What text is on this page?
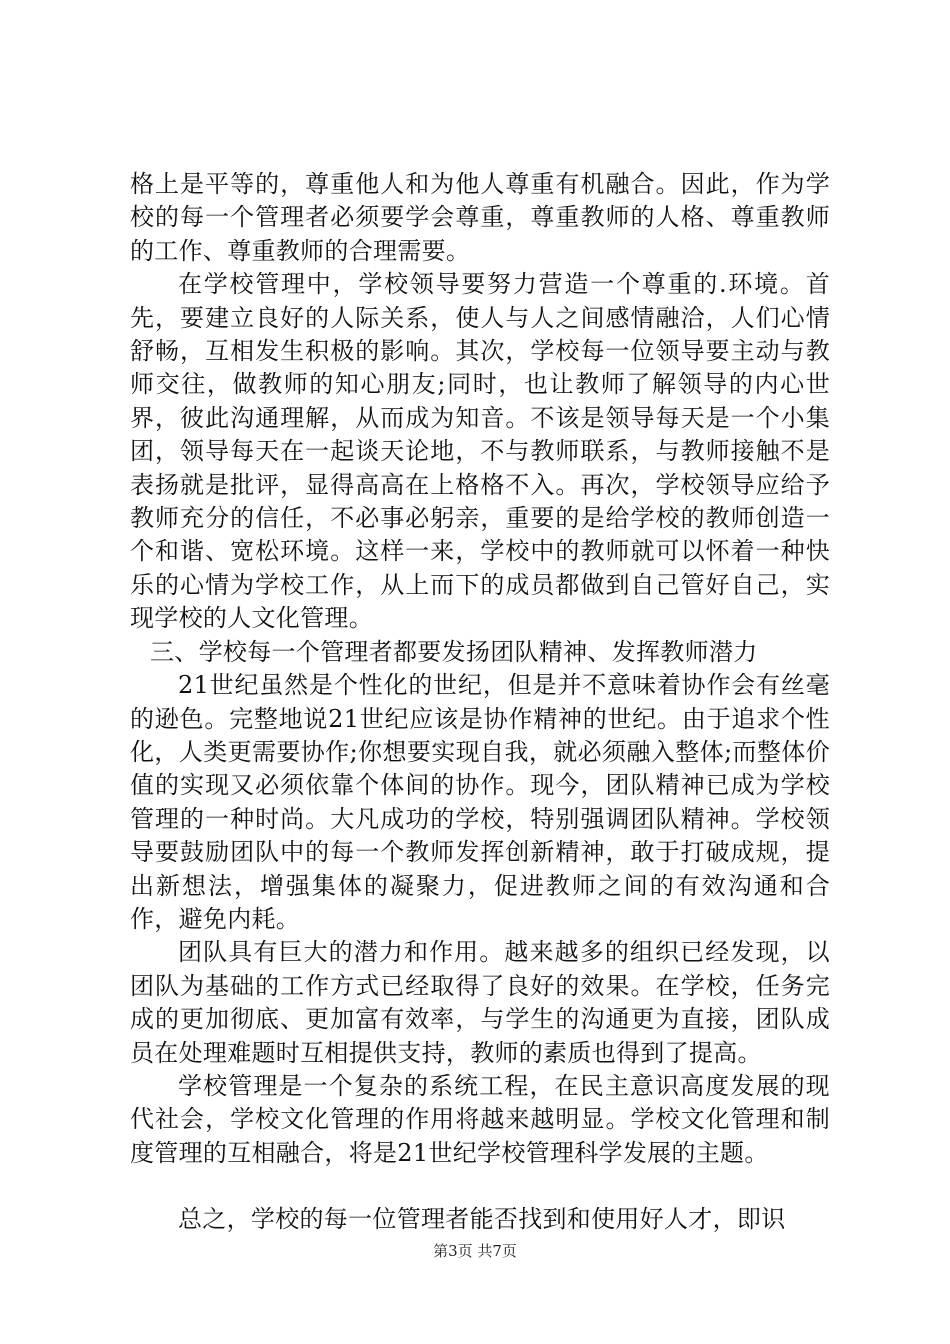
格上是平等的，尊重他人和为他人尊重有机融合。因此，作为学校的每一个管理者必须要学会尊重，尊重教师的人格、尊重教师的工作、尊重教师的合理需要。

在学校管理中，学校领导要努力营造一个尊重的.环境。首先，要建立良好的人际关系，使人与人之间感情融洽，人们心情舒畅，互相发生积极的影响。其次，学校每一位领导要主动与教师交往，做教师的知心朋友;同时，也让教师了解领导的内心世界，彼此沟通理解，从而成为知音。不该是领导每天是一个小集团，领导每天在一起谈天论地，不与教师联系，与教师接触不是表扬就是批评，显得高高在上格格不入。再次，学校领导应给予教师充分的信任，不必事必躬亲，重要的是给学校的教师创造一个和谐、宽松环境。这样一来，学校中的教师就可以怀着一种快乐的心情为学校工作，从上而下的成员都做到自己管好自己，实现学校的人文化管理。

三、学校每一个管理者都要发扬团队精神、发挥教师潜力

21世纪虽然是个性化的世纪，但是并不意味着协作会有丝毫的逊色。完整地说21世纪应该是协作精神的世纪。由于追求个性化，人类更需要协作;你想要实现自我，就必须融入整体;而整体价值的实现又必须依靠个体间的协作。现今，团队精神已成为学校管理的一种时尚。大凡成功的学校，特别强调团队精神。学校领导要鼓励团队中的每一个教师发挥创新精神，敢于打破成规，提出新想法，增强集体的凝聚力，促进教师之间的有效沟通和合作，避免内耗。

团队具有巨大的潜力和作用。越来越多的组织已经发现，以团队为基础的工作方式已经取得了良好的效果。在学校，任务完成的更加彻底、更加富有效率，与学生的沟通更为直接，团队成员在处理难题时互相提供支持，教师的素质也得到了提高。

学校管理是一个复杂的系统工程，在民主意识高度发展的现代社会，学校文化管理的作用将越来越明显。学校文化管理和制度管理的互相融合，将是21世纪学校管理科学发展的主题。

总之，学校的每一位管理者能否找到和使用好人才，即识

第3页 共7页
